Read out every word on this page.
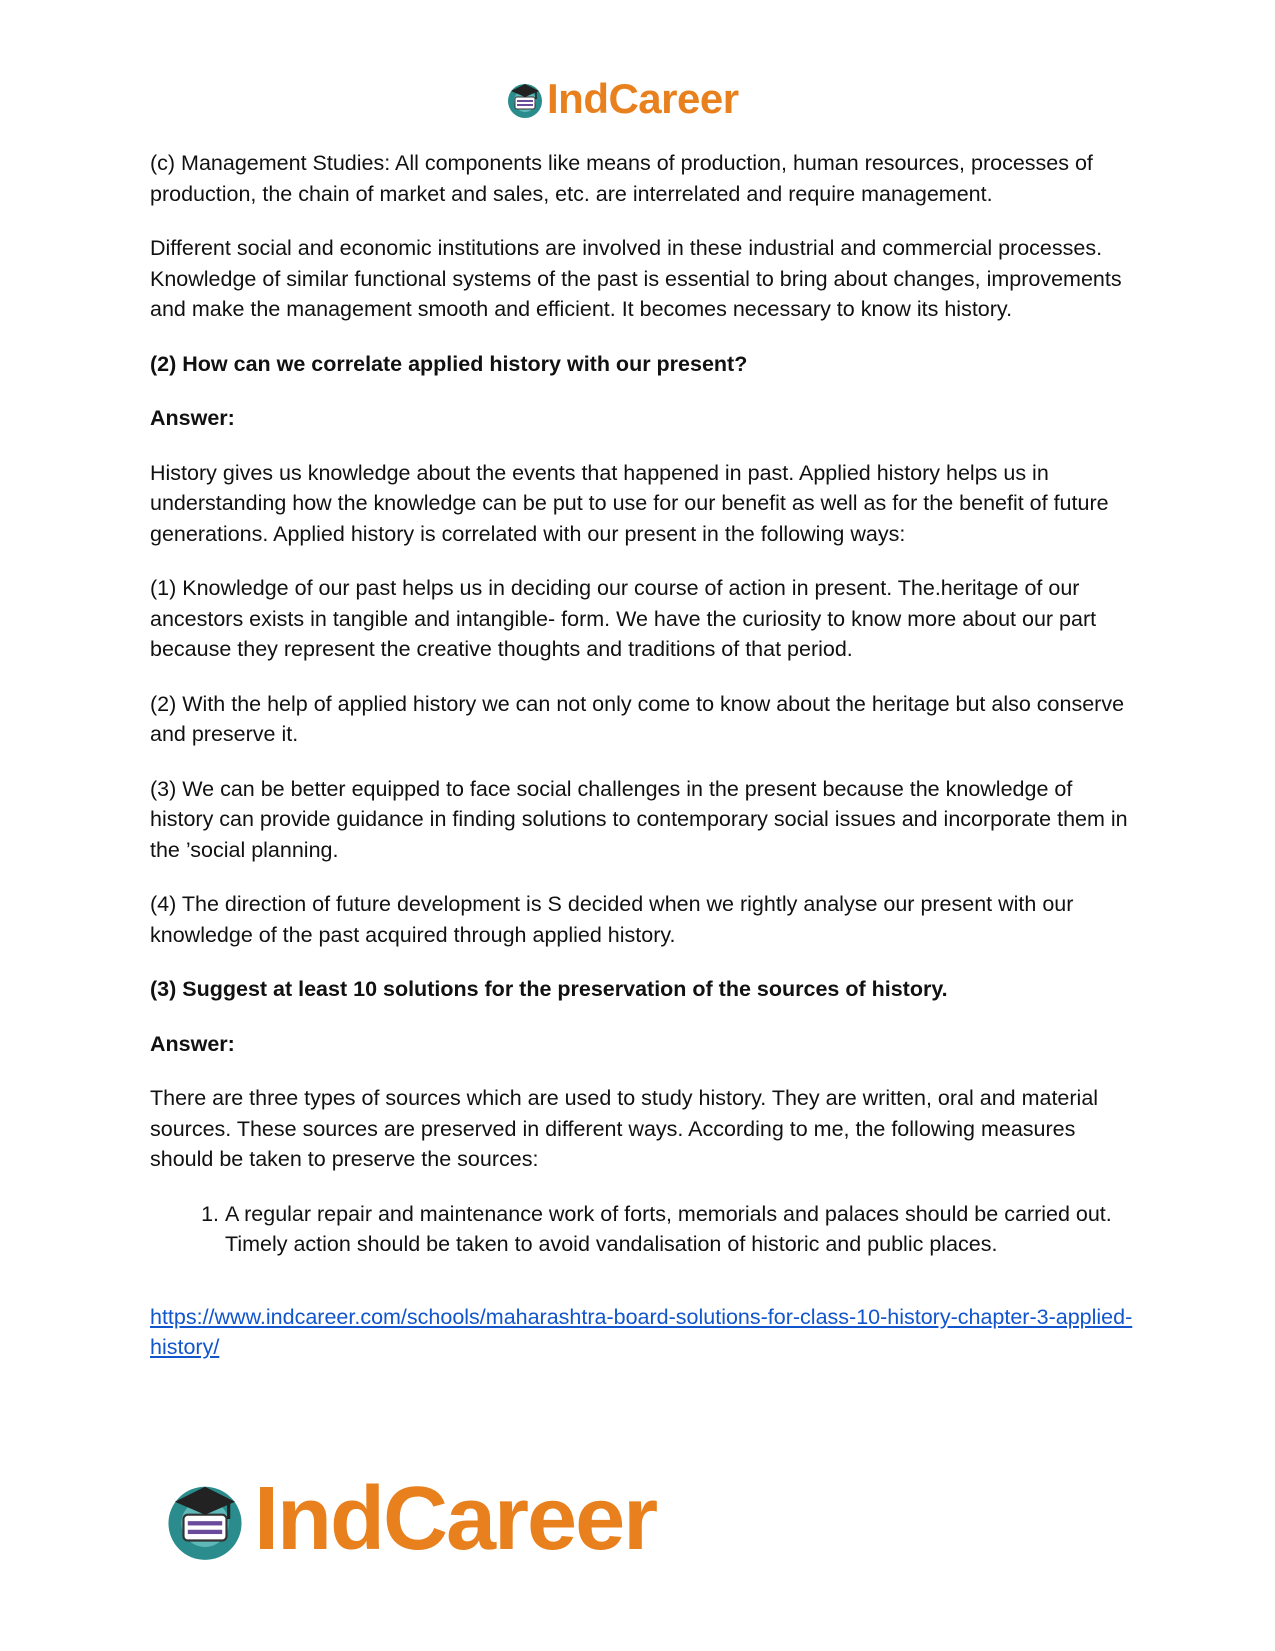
IndCareer

(c) Management Studies: All components like means of production, human resources, processes of production, the chain of market and sales, etc. are interrelated and require management.

Different social and economic institutions are involved in these industrial and commercial processes. Knowledge of similar functional systems of the past is essential to bring about changes, improvements and make the management smooth and efficient. It becomes necessary to know its history.

(2) How can we correlate applied history with our present?

Answer:

History gives us knowledge about the events that happened in past. Applied history helps us in understanding how the knowledge can be put to use for our benefit as well as for the benefit of future generations. Applied history is correlated with our present in the following ways:

(1) Knowledge of our past helps us in deciding our course of action in present. The.heritage of our ancestors exists in tangible and intangible- form. We have the curiosity to know more about our part because they represent the creative thoughts and traditions of that period.

(2) With the help of applied history we can not only come to know about the heritage but also conserve and preserve it.

(3) We can be better equipped to face social challenges in the present because the knowledge of history can provide guidance in finding solutions to contemporary social issues and incorporate them in the ’social planning.

(4) The direction of future development is S decided when we rightly analyse our present with our knowledge of the past acquired through applied history.

(3) Suggest at least 10 solutions for the preservation of the sources of history.

Answer:

There are three types of sources which are used to study history. They are written, oral and material sources. These sources are preserved in different ways. According to me, the following measures should be taken to preserve the sources:

1. A regular repair and maintenance work of forts, memorials and palaces should be carried out. Timely action should be taken to avoid vandalisation of historic and public places.
https://www.indcareer.com/schools/maharashtra-board-solutions-for-class-10-history-chapter-3-applied-history/
IndCareer
